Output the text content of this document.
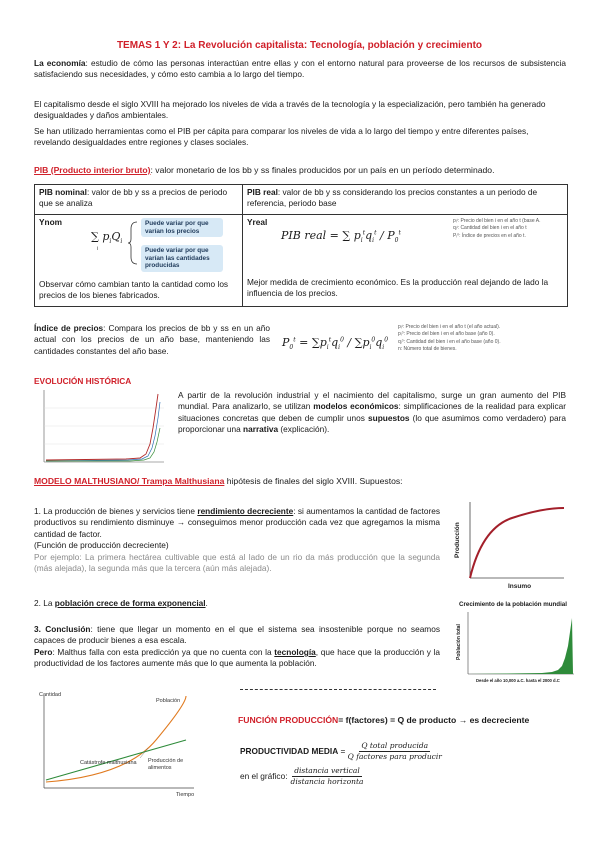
TEMAS 1 Y 2: La Revolución capitalista: Tecnología, población y crecimiento
La economía: estudio de cómo las personas interactúan entre ellas y con el entorno natural para proveerse de los recursos de subsistencia satisfaciendo sus necesidades, y cómo esto cambia a lo largo del tiempo.
El capitalismo desde el siglo XVIII ha mejorado los niveles de vida a través de la tecnología y la especialización, pero también ha generado desigualdades y daños ambientales.
Se han utilizado herramientas como el PIB per cápita para comparar los niveles de vida a lo largo del tiempo y entre diferentes países, revelando desigualdades entre regiones y clases sociales.
PIB (Producto interior bruto): valor monetario de los bb y ss finales producidos por un país en un período determinado.
PIB nominal: valor de bb y ss a precios de periodo que se analiza
PIB real: valor de bb y ss considerando los precios constantes a un periodo de referencia, periodo base
Ynom
∑ $p_iQ_i$
i
Puede variar por que varían los precios
Puede variar por que varían las cantidades producidas
Observar cómo cambian tanto la cantidad como los precios de los bienes fabricados.
Yreal
PIB real = ∑ $p_i^tq_i^t / P_0^t$
pᵢᵗ: Precio del bien i en el año t (base A.
qᵢᵗ: Cantidad del bien i en el año t
Pᵢ⁰: Índice de precios en el año t.
Mejor medida de crecimiento económico. Es la producción real dejando de lado la influencia de los precios.
Índice de precios: Compara los precios de bb y ss en un año actual con los precios de un año base, manteniendo las cantidades constantes del año base.
$P_0^t = \sum p_i^tq_i^0 / \sum p_i^0q_i^0$
pᵢᵗ: Precio del bien i en el año t (el año actual).
pᵢ⁰: Precio del bien i en el año base (año 0).
qᵢ⁰: Cantidad del bien i en el año base (año 0).
n: Número total de bienes.
EVOLUCIÓN HISTÓRICA
A partir de la revolución industrial y el nacimiento del capitalismo, surge un gran aumento del PIB mundial. Para analizarlo, se utilizan modelos económicos: simplificaciones de la realidad para explicar situaciones concretas que deben de cumplir unos supuestos (lo que asumimos como verdadero) para proporcionar una narrativa (explicación).
MODELO MALTHUSIANO/ Trampa Malthusiana hipótesis de finales del siglo XVIII. Supuestos:
1. La producción de bienes y servicios tiene rendimiento decreciente: si aumentamos la cantidad de factores productivos su rendimiento disminuye → conseguimos menor producción cada vez que agregamos la misma cantidad de factor.
(Función de producción decreciente)
Por ejemplo: La primera hectárea cultivable que está al lado de un rio da más producción que la segunda (más alejada), la segunda más que la tercera (aún más alejada).
2. La población crece de forma exponencial.
3. Conclusión: tiene que llegar un momento en el que el sistema sea insostenible porque no seamos capaces de producir bienes a esa escala.
Pero: Malthus falla con esta predicción ya que no cuenta con la tecnología, que hace que la producción y la productividad de los factores aumente más que lo que aumenta la población.
Producción
Insumo
Crecimiento de la población mundial
Población total
Desde el año 10,000 a.C. hasta el 2000 d.C
Cantidad
Tiempo
Población
Catástrofe malthusiana Producción de alimentos
FUNCIÓN PRODUCCIÓN= f(factores) = Q de producto → es decreciente
PRODUCTIVIDAD MEDIA =
Q total producida
Q factores para producir
en el gráfico:
distancia vertical
distancia horizonta
